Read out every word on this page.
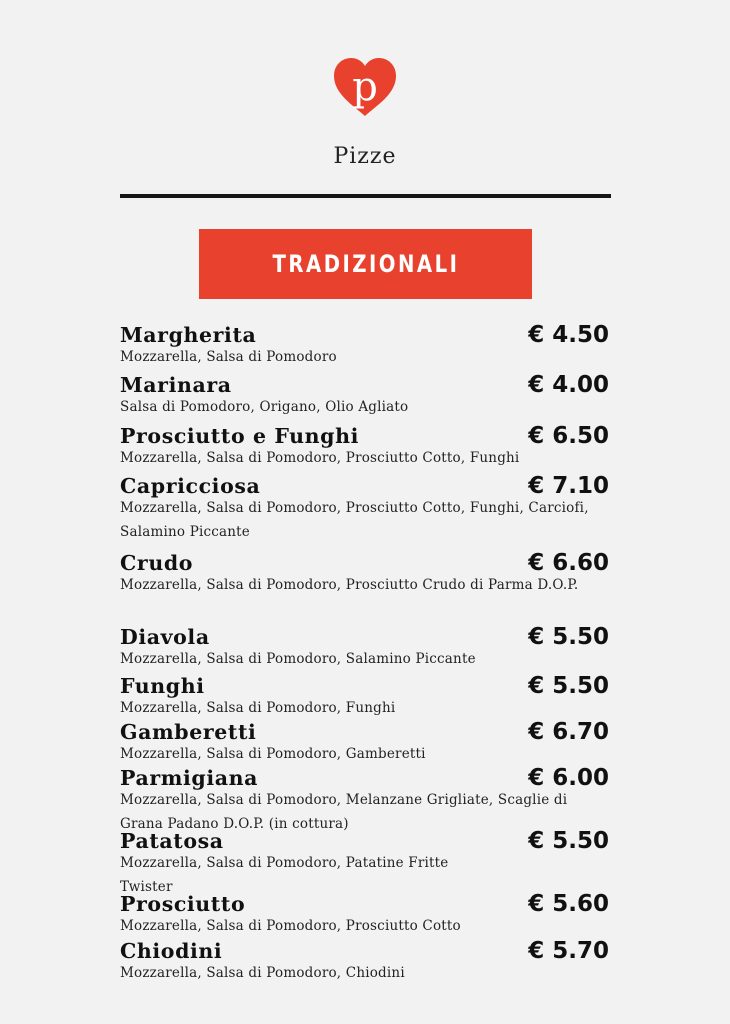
p
Pizze
TRADIZIONALI
Margherita	€ 4.50
Mozzarella, Salsa di Pomodoro
Marinara	€ 4.00
Salsa di Pomodoro, Origano, Olio Agliato
Prosciutto e Funghi	€ 6.50
Mozzarella, Salsa di Pomodoro, Prosciutto Cotto, Funghi
Capricciosa	€ 7.10
Mozzarella, Salsa di Pomodoro, Prosciutto Cotto, Funghi, Carciofi, Salamino Piccante
Crudo	€ 6.60
Mozzarella, Salsa di Pomodoro, Prosciutto Crudo di Parma D.O.P.
Diavola	€ 5.50
Mozzarella, Salsa di Pomodoro, Salamino Piccante
Funghi	€ 5.50
Mozzarella, Salsa di Pomodoro, Funghi
Gamberetti	€ 6.70
Mozzarella, Salsa di Pomodoro, Gamberetti
Parmigiana	€ 6.00
Mozzarella, Salsa di Pomodoro, Melanzane Grigliate, Scaglie di Grana Padano D.O.P. (in cottura)
Patatosa	€ 5.50
Mozzarella, Salsa di Pomodoro, Patatine Fritte Twister
Prosciutto	€ 5.60
Mozzarella, Salsa di Pomodoro, Prosciutto Cotto
Chiodini	€ 5.70
Mozzarella, Salsa di Pomodoro, Chiodini
